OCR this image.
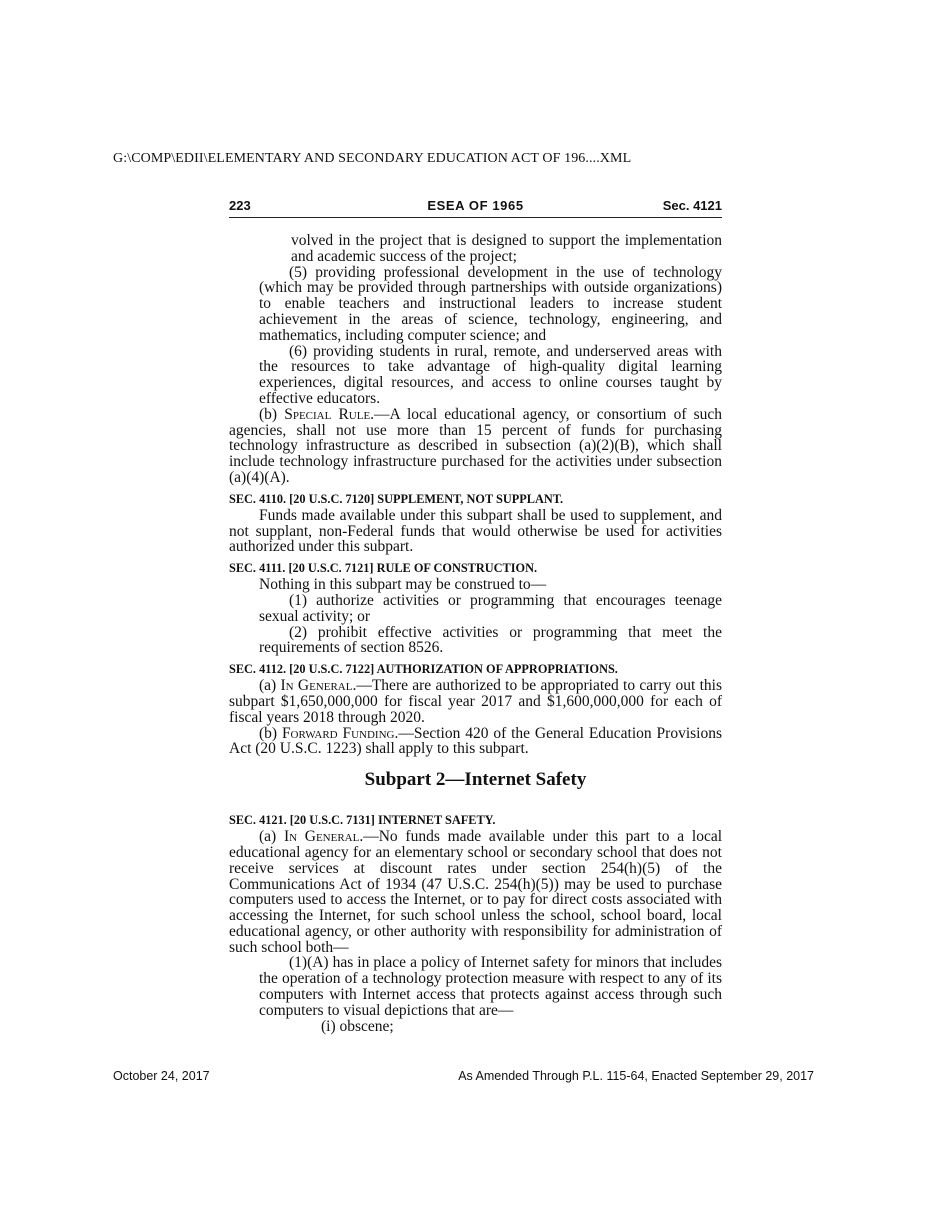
G:\COMP\EDII\ELEMENTARY AND SECONDARY EDUCATION ACT OF 196....XML
223	ESEA OF 1965	Sec. 4121

volved in the project that is designed to support the implementation and academic success of the project;

(5) providing professional development in the use of technology (which may be provided through partnerships with outside organizations) to enable teachers and instructional leaders to increase student achievement in the areas of science, technology, engineering, and mathematics, including computer science; and

(6) providing students in rural, remote, and underserved areas with the resources to take advantage of high-quality digital learning experiences, digital resources, and access to online courses taught by effective educators.

(b) Special Rule.—A local educational agency, or consortium of such agencies, shall not use more than 15 percent of funds for purchasing technology infrastructure as described in subsection (a)(2)(B), which shall include technology infrastructure purchased for the activities under subsection (a)(4)(A).

SEC. 4110. [20 U.S.C. 7120] SUPPLEMENT, NOT SUPPLANT.

Funds made available under this subpart shall be used to supplement, and not supplant, non-Federal funds that would otherwise be used for activities authorized under this subpart.

SEC. 4111. [20 U.S.C. 7121] RULE OF CONSTRUCTION.

Nothing in this subpart may be construed to—

(1) authorize activities or programming that encourages teenage sexual activity; or

(2) prohibit effective activities or programming that meet the requirements of section 8526.

SEC. 4112. [20 U.S.C. 7122] AUTHORIZATION OF APPROPRIATIONS.

(a) In General.—There are authorized to be appropriated to carry out this subpart $1,650,000,000 for fiscal year 2017 and $1,600,000,000 for each of fiscal years 2018 through 2020.

(b) Forward Funding.—Section 420 of the General Education Provisions Act (20 U.S.C. 1223) shall apply to this subpart.

Subpart 2—Internet Safety

SEC. 4121. [20 U.S.C. 7131] INTERNET SAFETY.

(a) In General.—No funds made available under this part to a local educational agency for an elementary school or secondary school that does not receive services at discount rates under section 254(h)(5) of the Communications Act of 1934 (47 U.S.C. 254(h)(5)) may be used to purchase computers used to access the Internet, or to pay for direct costs associated with accessing the Internet, for such school unless the school, school board, local educational agency, or other authority with responsibility for administration of such school both—

(1)(A) has in place a policy of Internet safety for minors that includes the operation of a technology protection measure with respect to any of its computers with Internet access that protects against access through such computers to visual depictions that are—

(i) obscene;

October 24, 2017	As Amended Through P.L. 115-64, Enacted September 29, 2017
